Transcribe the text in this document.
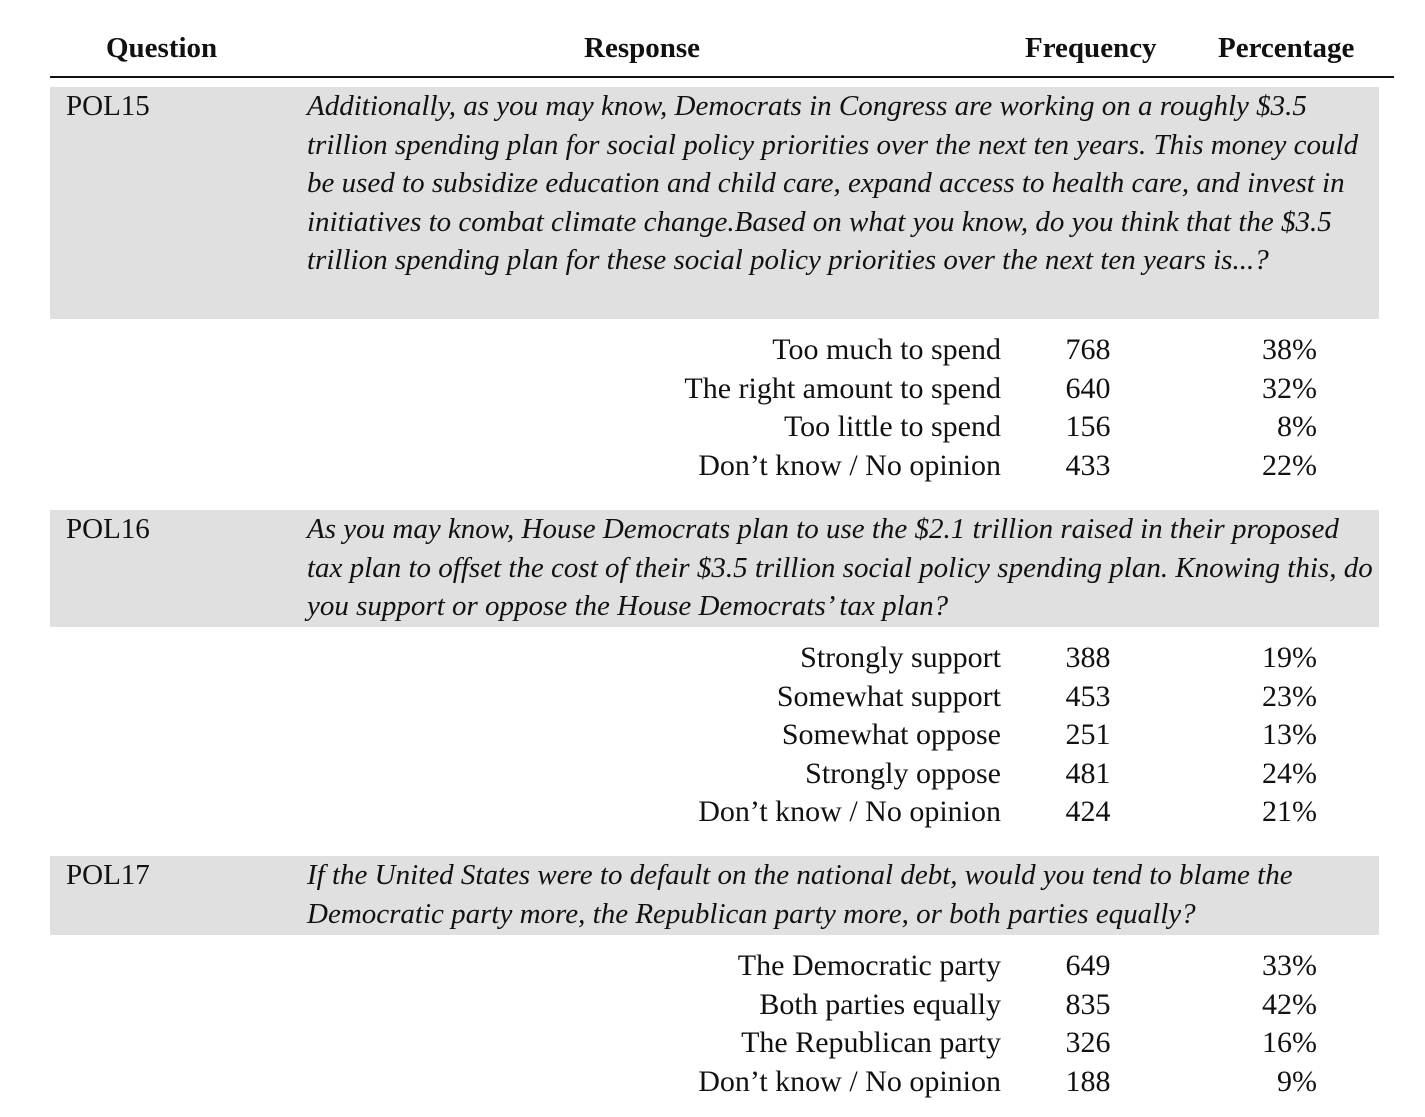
Question	Response	Frequency Percentage
POL15	Additionally, as you may know, Democrats in Congress are working on a roughly $3.5 trillion spending plan for social policy priorities over the next ten years. This money could be used to subsidize education and child care, expand access to health care, and invest in initiatives to combat climate change.Based on what you know, do you think that the $3.5 trillion spending plan for these social policy priorities over the next ten years is...?
Too much to spend 768	38%
The right amount to spend 640	32%
Too little to spend 156	8%
Don’t know / No opinion 433	22%
POL16	As you may know, House Democrats plan to use the $2.1 trillion raised in their proposed tax plan to offset the cost of their $3.5 trillion social policy spending plan. Knowing this, do you support or oppose the House Democrats’ tax plan?
Strongly support 388	19%
Somewhat support 453	23%
Somewhat oppose 251	13%
Strongly oppose 481	24%
Don’t know / No opinion 424	21%
POL17	If the United States were to default on the national debt, would you tend to blame the Democratic party more, the Republican party more, or both parties equally?
The Democratic party 649	33%
Both parties equally 835	42%
The Republican party 326	16%
Don’t know / No opinion 188	9%
